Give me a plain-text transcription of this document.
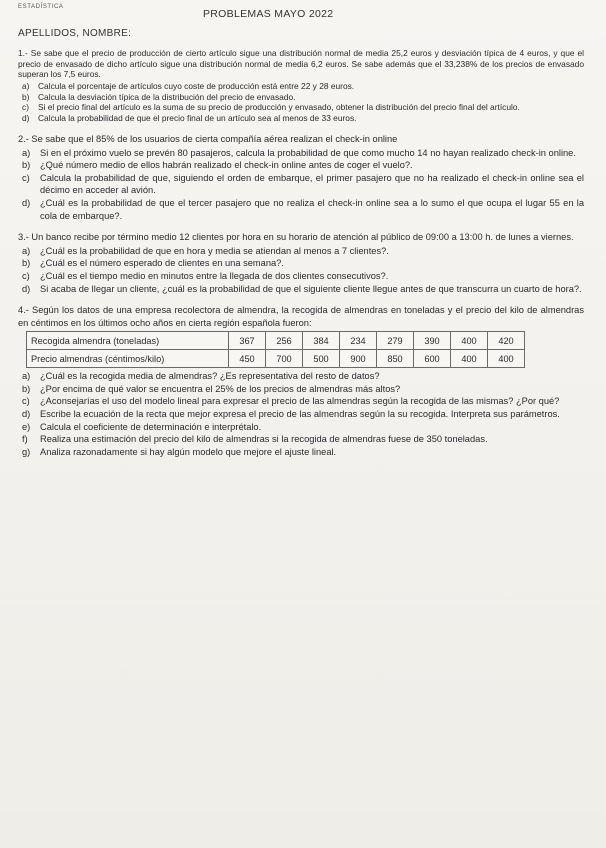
ESTADÍSTICA
PROBLEMAS MAYO 2022
APELLIDOS, NOMBRE:

1.- Se sabe que el precio de producción de cierto artículo sigue una distribución normal de media 25,2 euros y desviación típica de 4 euros, y que el precio de envasado de dicho artículo sigue una distribución normal de media 6,2 euros. Se sabe además que el 33,238% de los precios de envasado superan los 7,5 euros.

a)	Calcula el porcentaje de artículos cuyo coste de producción está entre 22 y 28 euros.
b)	Calcula la desviación típica de la distribución del precio de envasado.
c)	Si el precio final del artículo es la suma de su precio de producción y envasado, obtener la distribución del precio final del artículo.
d)	Calcula la probabilidad de que el precio final de un artículo sea al menos de 33 euros.

2.- Se sabe que el 85% de los usuarios de cierta compañía aérea realizan el check-in online

a)	Si en el próximo vuelo se prevén 80 pasajeros, calcula la probabilidad de que como mucho 14 no hayan realizado check-in online.
b)	¿Qué número medio de ellos habrán realizado el check-in online antes de coger el vuelo?.
c)	Calcula la probabilidad de que, siguiendo el orden de embarque, el primer pasajero que no ha realizado el check-in online sea el décimo en acceder al avión.
d)	¿Cuál es la probabilidad de que el tercer pasajero que no realiza el check-in online sea a lo sumo el que ocupa el lugar 55 en la cola de embarque?.

3.- Un banco recibe por término medio 12 clientes por hora en su horario de atención al público de 09:00 a 13:00 h. de lunes a viernes.

a)	¿Cuál es la probabilidad de que en hora y media se atiendan al menos a 7 clientes?.
b)	¿Cuál es el número esperado de clientes en una semana?.
c)	¿Cuál es el tiempo medio en minutos entre la llegada de dos clientes consecutivos?.
d)	Si acaba de llegar un cliente, ¿cuál es la probabilidad de que el siguiente cliente llegue antes de que transcurra un cuarto de hora?.

4.- Según los datos de una empresa recolectora de almendra, la recogida de almendras en toneladas y el precio del kilo de almendras en céntimos en los últimos ocho años en cierta región española fueron:

Recogida almendra (toneladas)	367	256	384	234	279	390	400	420
Precio almendras (céntimos/kilo)	450	700	500	900	850	600	400	400
a)	¿Cuál es la recogida media de almendras? ¿Es representativa del resto de datos?
b)	¿Por encima de qué valor se encuentra el 25% de los precios de almendras más altos?
c)	¿Aconsejarías el uso del modelo lineal para expresar el precio de las almendras según la recogida de las mismas? ¿Por qué?
d)	Escribe la ecuación de la recta que mejor expresa el precio de las almendras según la su recogida. Interpreta sus parámetros.
e)	Calcula el coeficiente de determinación e interprétalo.
f)	Realiza una estimación del precio del kilo de almendras si la recogida de almendras fuese de 350 toneladas.
g)	Analiza razonadamente si hay algún modelo que mejore el ajuste lineal.
